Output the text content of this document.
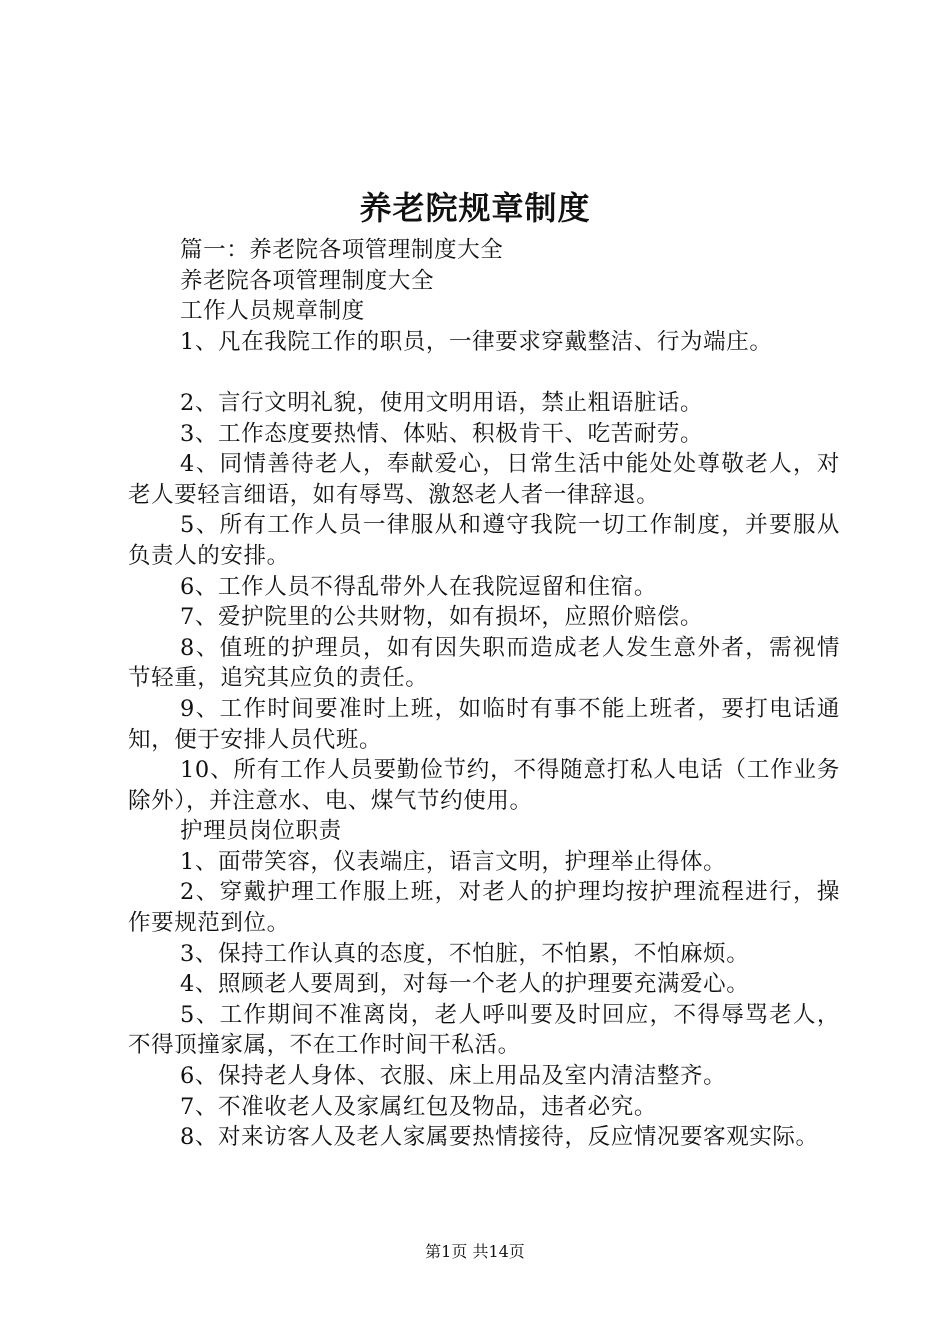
养老院规章制度

篇一：养老院各项管理制度大全

养老院各项管理制度大全

工作人员规章制度

1、凡在我院工作的职员，一律要求穿戴整洁、行为端庄。

2、言行文明礼貌，使用文明用语，禁止粗语脏话。

3、工作态度要热情、体贴、积极肯干、吃苦耐劳。

4、同情善待老人，奉献爱心，日常生活中能处处尊敬老人，对老人要轻言细语，如有辱骂、激怒老人者一律辞退。

5、所有工作人员一律服从和遵守我院一切工作制度，并要服从负责人的安排。

6、工作人员不得乱带外人在我院逗留和住宿。

7、爱护院里的公共财物，如有损坏，应照价赔偿。

8、值班的护理员，如有因失职而造成老人发生意外者，需视情节轻重，追究其应负的责任。

9、工作时间要准时上班，如临时有事不能上班者，要打电话通知，便于安排人员代班。

10、所有工作人员要勤俭节约，不得随意打私人电话（工作业务除外），并注意水、电、煤气节约使用。

护理员岗位职责

1、面带笑容，仪表端庄，语言文明，护理举止得体。

2、穿戴护理工作服上班，对老人的护理均按护理流程进行，操作要规范到位。

3、保持工作认真的态度，不怕脏，不怕累，不怕麻烦。

4、照顾老人要周到，对每一个老人的护理要充满爱心。

5、工作期间不准离岗，老人呼叫要及时回应，不得辱骂老人，不得顶撞家属，不在工作时间干私活。

6、保持老人身体、衣服、床上用品及室内清洁整齐。

7、不准收老人及家属红包及物品，违者必究。

8、对来访客人及老人家属要热情接待，反应情况要客观实际。

第1页 共14页
